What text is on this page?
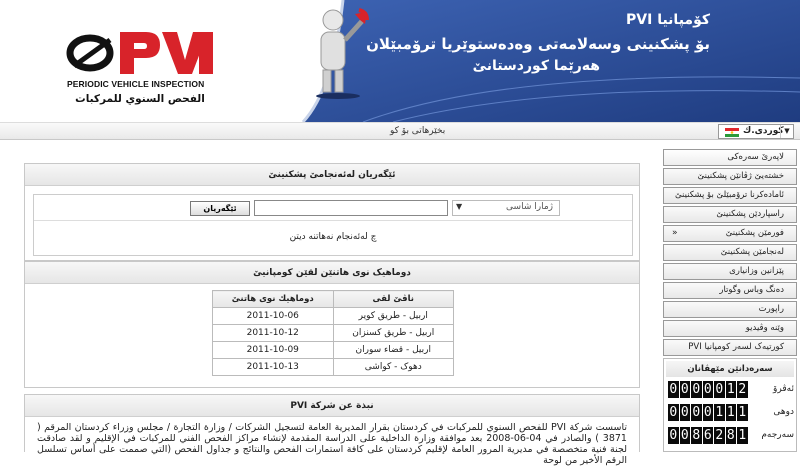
PERIODIC VEHICLE INSPECTION
الفحص السنوي للمركبات
کۆمپانیا PVI
بۆ پشکنینی وسەلامەتی وەدەستوێریا ترۆمبێلان
هەرێما کوردستانێ
بخێرهاتی بۆ کو	کوردی.ك ▼
ئێگەریان لەئەنجامێ پشکنینێ
ئێگەریان	▼	ژمارا شاسی
چ لەئەنجام نەهاتنە دیتن
دوماهیک نوی هاتنێن لقێن کومپانیێ
دوماهیك نوی هاتنێ	ناڤێ لقی
2011-10-06	اربیل - طریق کویر
2011-10-12	اربیل - طریق کسنزان
2011-10-09	اربیل - قضاء سوران
2011-10-13	دهوک - کواشی
نبذة عن شركة PVI
تاسست شركة PVI للفحص السنوي للمركبات في كردستان بقرار المديرية العامة لتسجيل الشركات / وزارة التجارة / مجلس وزراء كردستان المرقم ( 3871 ) والصادر في 04-06-2008 بعد موافقة وزارة الداخلية على الدراسة المقدمة لإنشاء مراكز الفحص الفني للمركبات في الإقليم و لقد صادقت لجنة فنية متخصصة في مديرية المرور العامة لإقليم كردستان على كافة استمارات الفحص والنتائج و جداول الفحص (التي صممت على أساس تسلسل الرقم الأخير من لوحة
لاپەرێ سەرەکی
خشتەیێ ژڤانێن پشکنینێ
ئامادەکرنا ترۆمبێلێ بۆ پشکنینێ
راسپاردێن پشکنینێ
»	فورمێن پشکنینێ
لەنجامێن پشکنینێ
پێزانین وزانیاری
دەنگ وباس وگوتار
راپورت
وێنە وڤیدیو
کورتیەک لسەر کومپانیا PVI
سەرەدانێن مێهڤانان
0 0 0 0 0 1 2	ئەڤرۆ
0 0 0 0 1 1 1	دوهی
0 0 8 6 2 8 1 سەرجەم
